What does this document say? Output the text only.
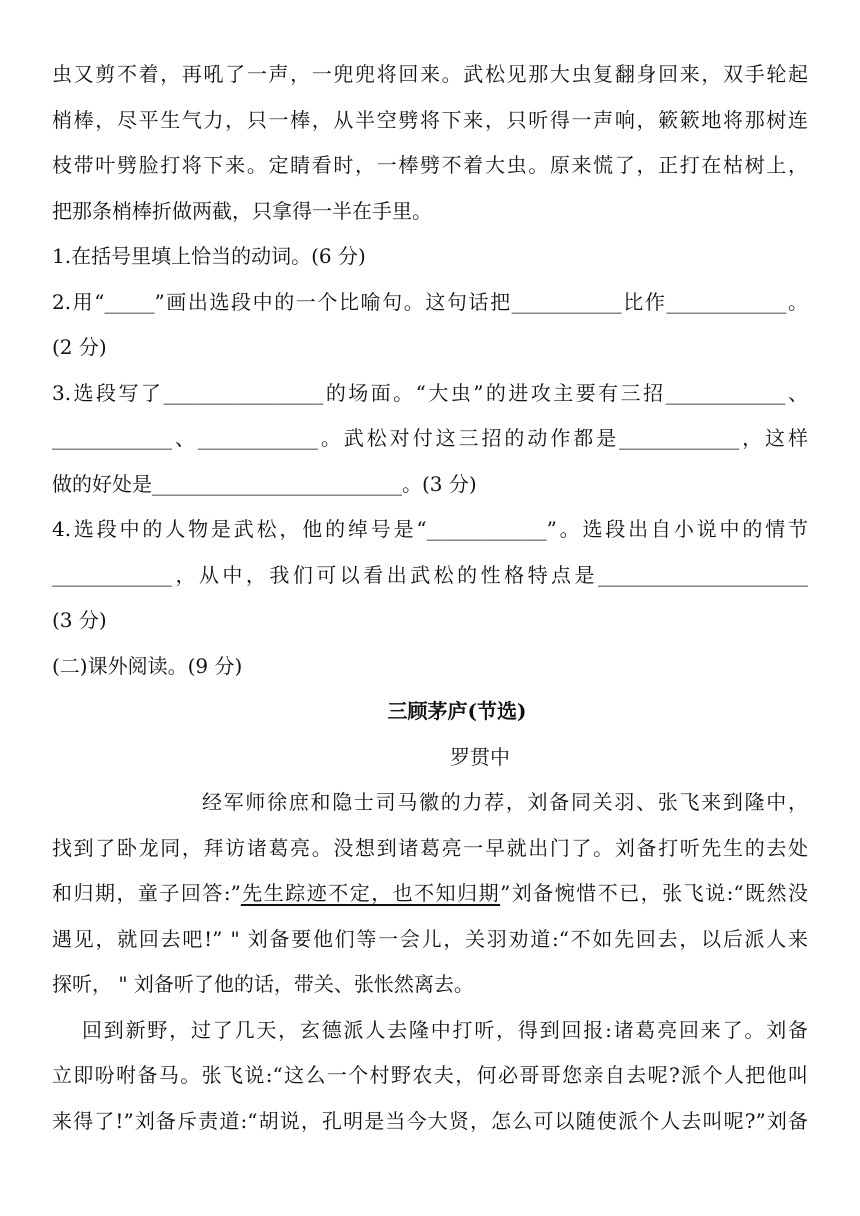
虫又剪不着，再吼了一声，一兜兜将回来。武松见那大虫复翻身回来，双手轮起
梢棒，尽平生气力，只一棒，从半空劈将下来，只听得一声响，簌簌地将那树连
枝带叶劈脸打将下来。定睛看时，一棒劈不着大虫。原来慌了，正打在枯树上，
把那条梢棒折做两截，只拿得一半在手里。
1.在括号里填上恰当的动词。(6 分)
2.用“_____”画出选段中的一个比喻句。这句话把___________比作____________。
(2 分)
3.选段写了________________的场面。“大虫”的进攻主要有三招____________、
____________、____________。武松对付这三招的动作都是____________，这样
做的好处是_________________________。(3 分)
4.选段中的人物是武松，他的绰号是“____________”。选段出自小说中的情节
____________，从中，我们可以看出武松的性格特点是_____________________
(3 分)
(二)课外阅读。(9 分)
三顾茅庐(节选)
罗贯中
经军师徐庶和隐士司马徽的力荐，刘备同关羽、张飞来到隆中，
找到了卧龙同，拜访诸葛亮。没想到诸葛亮一早就出门了。刘备打听先生的去处
和归期，童子回答:”先生踪迹不定，也不知归期”刘备惋惜不已，张飞说:“既然没
遇见，就回去吧!” " 刘备要他们等一会儿，关羽劝道:“不如先回去，以后派人来
探听， " 刘备听了他的话，带关、张怅然离去。
回到新野，过了几天，玄德派人去隆中打听，得到回报:诸葛亮回来了。刘备
立即吩咐备马。张飞说:“这么一个村野农夫，何必哥哥您亲自去呢?派个人把他叫
来得了!”刘备斥责道:“胡说，孔明是当今大贤，怎么可以随使派个人去叫呢?”刘备
